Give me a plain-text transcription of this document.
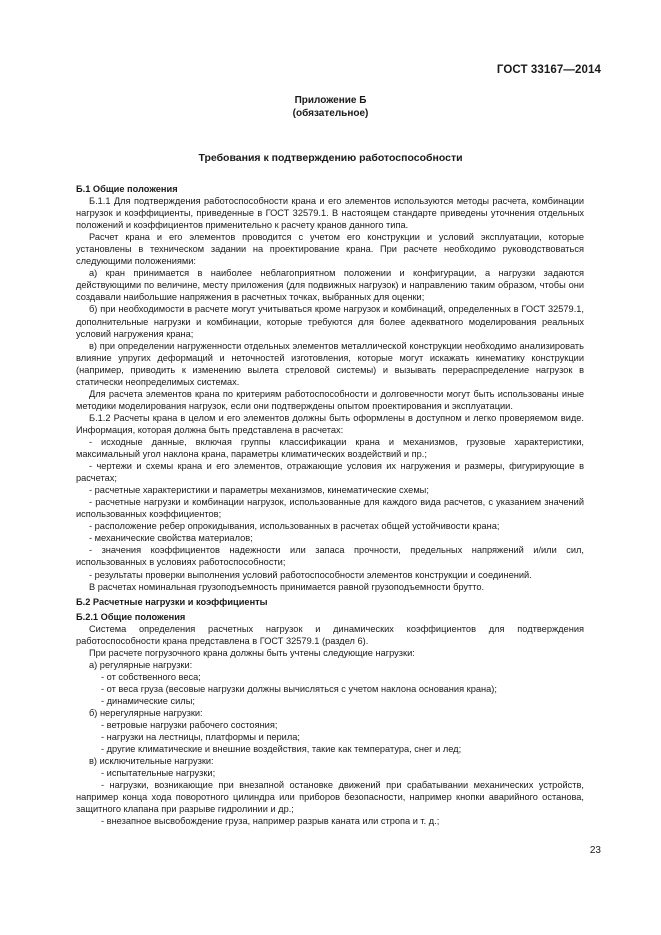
ГОСТ 33167—2014
Приложение Б
(обязательное)
Требования к подтверждению работоспособности

Б.1 Общие положения

Б.1.1 Для подтверждения работоспособности крана и его элементов используются методы расчета, комбинации нагрузок и коэффициенты, приведенные в ГОСТ 32579.1. В настоящем стандарте приведены уточнения отдельных положений и коэффициентов применительно к расчету кранов данного типа.

Расчет крана и его элементов проводится с учетом его конструкции и условий эксплуатации, которые установлены в техническом задании на проектирование крана. При расчете необходимо руководствоваться следующими положениями:

а) кран принимается в наиболее неблагоприятном положении и конфигурации, а нагрузки задаются действующими по величине, месту приложения (для подвижных нагрузок) и направлению таким образом, чтобы они создавали наибольшие напряжения в расчетных точках, выбранных для оценки;

б) при необходимости в расчете могут учитываться кроме нагрузок и комбинаций, определенных в ГОСТ 32579.1, дополнительные нагрузки и комбинации, которые требуются для более адекватного моделирования реальных условий нагружения крана;

в) при определении нагруженности отдельных элементов металлической конструкции необходимо анализировать влияние упругих деформаций и неточностей изготовления, которые могут искажать кинематику конструкции (например, приводить к изменению вылета стреловой системы) и вызывать перераспределение нагрузок в статически неопределимых системах.

Для расчета элементов крана по критериям работоспособности и долговечности могут быть использованы иные методики моделирования нагрузок, если они подтверждены опытом проектирования и эксплуатации.

Б.1.2 Расчеты крана в целом и его элементов должны быть оформлены в доступном и легко проверяемом виде. Информация, которая должна быть представлена в расчетах:

- исходные данные, включая группы классификации крана и механизмов, грузовые характеристики, максимальный угол наклона крана, параметры климатических воздействий и пр.;

- чертежи и схемы крана и его элементов, отражающие условия их нагружения и размеры, фигурирующие в расчетах;

- расчетные характеристики и параметры механизмов, кинематические схемы;

- расчетные нагрузки и комбинации нагрузок, использованные для каждого вида расчетов, с указанием значений использованных коэффициентов;

- расположение ребер опрокидывания, использованных в расчетах общей устойчивости крана;

- механические свойства материалов;

- значения коэффициентов надежности или запаса прочности, предельных напряжений и/или сил, использованных в условиях работоспособности;

- результаты проверки выполнения условий работоспособности элементов конструкции и соединений.

В расчетах номинальная грузоподъемность принимается равной грузоподъемности брутто.

Б.2 Расчетные нагрузки и коэффициенты

Б.2.1 Общие положения

Система определения расчетных нагрузок и динамических коэффициентов для подтверждения работоспособности крана представлена в ГОСТ 32579.1 (раздел 6).

При расчете погрузочного крана должны быть учтены следующие нагрузки:

а) регулярные нагрузки:

- от собственного веса;

- от веса груза (весовые нагрузки должны вычисляться с учетом наклона основания крана);

- динамические силы;

б) нерегулярные нагрузки:

- ветровые нагрузки рабочего состояния;

- нагрузки на лестницы, платформы и перила;

- другие климатические и внешние воздействия, такие как температура, снег и лед;

в) исключительные нагрузки:

- испытательные нагрузки;

- нагрузки, возникающие при внезапной остановке движений при срабатывании механических устройств, например конца хода поворотного цилиндра или приборов безопасности, например кнопки аварийного останова, защитного клапана при разрыве гидролинии и др.;

- внезапное высвобождение груза, например разрыв каната или стропа и т. д.;

23
